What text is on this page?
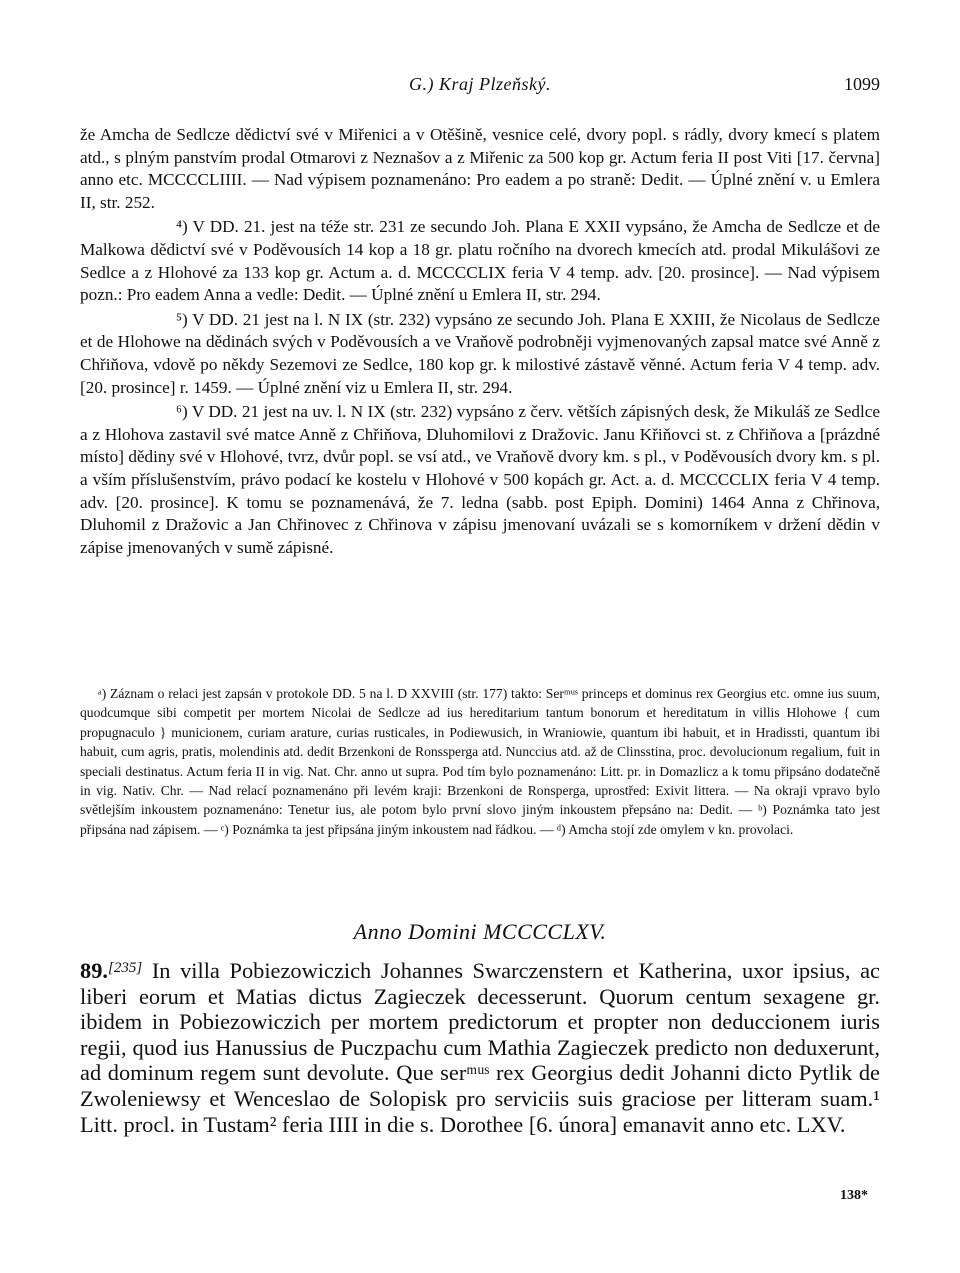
G.) Kraj Plzeňský.	1099

že Amcha de Sedlcze dědictví své v Miřenici a v Otěšině, vesnice celé, dvory popl. s rádly, dvory kmecí s platem atd., s plným panstvím prodal Otmarovi z Neznašov a z Miřenic za 500 kop gr. Actum feria II post Viti [17. června] anno etc. MCCCCLIIII. — Nad výpisem poznamenáno: Pro eadem a po straně: Dedit. — Úplné znění v. u Emlera II, str. 252.

⁴) V DD. 21. jest na téže str. 231 ze secundo Joh. Plana E XXII vypsáno, že Amcha de Sedlcze et de Malkowa dědictví své v Poděvousích 14 kop a 18 gr. platu ročního na dvorech kmecích atd. prodal Mikulášovi ze Sedlce a z Hlohové za 133 kop gr. Actum a. d. MCCCCLIX feria V 4 temp. adv. [20. prosince]. — Nad výpisem pozn.: Pro eadem Anna a vedle: Dedit. — Úplné znění u Emlera II, str. 294.

⁵) V DD. 21 jest na l. N IX (str. 232) vypsáno ze secundo Joh. Plana E XXIII, že Nicolaus de Sedlcze et de Hlohowe na dědinách svých v Poděvousích a ve Vraňově podrobněji vyjmenovaných zapsal matce své Anně z Chřiňova, vdově po někdy Sezemovi ze Sedlce, 180 kop gr. k milostivé zástavě věnné. Actum feria V 4 temp. adv. [20. prosince] r. 1459. — Úplné znění viz u Emlera II, str. 294.

⁶) V DD. 21 jest na uv. l. N IX (str. 232) vypsáno z červ. větších zápisných desk, že Mikuláš ze Sedlce a z Hlohova zastavil své matce Anně z Chřiňova, Dluhomilovi z Dražovic. Janu Křiňovci st. z Chřiňova a [prázdné místo] dědiny své v Hlohové, tvrz, dvůr popl. se vsí atd., ve Vraňově dvory km. s pl., v Poděvousích dvory km. s pl. a vším příslušenstvím, právo podací ke kostelu v Hlohové v 500 kopách gr. Act. a. d. MCCCCLIX feria V 4 temp. adv. [20. prosince]. K tomu se poznamenává, že 7. ledna (sabb. post Epiph. Domini) 1464 Anna z Chřinova, Dluhomil z Dražovic a Jan Chřinovec z Chřinova v zápisu jmenovaní uvázali se s komorníkem v držení dědin v zápise jmenovaných v sumě zápisné.

ᵃ) Záznam o relaci jest zapsán v protokole DD. 5 na l. D XXVIII (str. 177) takto: Serᵐᵘˢ princeps et dominus rex Georgius etc. omne ius suum, quodcumque sibi competit per mortem Nicolai de Sedlcze ad ius hereditarium tantum bonorum et hereditatum in villis Hlohowe { cum propugnaculo } municionem, curiam arature, curias rusticales, in Podiewusich, in Wraniowie, quantum ibi habuit, et in Hradissti, quantum ibi habuit, cum agris, pratis, molendinis atd. dedit Brzenkoni de Ronssperga atd. Nunccius atd. až de Clinsstina, proc. devolucionum regalium, fuit in speciali destinatus. Actum feria II in vig. Nat. Chr. anno ut supra. Pod tím bylo poznamenáno: Litt. pr. in Domazlicz a k tomu připsáno dodatečně in vig. Nativ. Chr. — Nad relací poznamenáno při levém kraji: Brzenkoni de Ronsperga, uprostřed: Exivit littera. — Na okraji vpravo bylo světlejším inkoustem poznamenáno: Tenetur ius, ale potom bylo první slovo jiným inkoustem přepsáno na: Dedit. — ᵇ) Poznámka tato jest připsána nad zápisem. — ᶜ) Poznámka ta jest připsána jiným inkoustem nad řádkou. — ᵈ) Amcha stojí zde omylem v kn. provolaci.

Anno Domini MCCCCLXV.

89.[235] In villa Pobiezowiczich Johannes Swarczenstern et Katherina, uxor ipsius, ac liberi eorum et Matias dictus Zagieczek decesserunt. Quorum centum sexagene gr. ibidem in Pobiezowiczich per mortem predictorum et propter non deduccionem iuris regii, quod ius Hanussius de Puczpachu cum Mathia Zagieczek predicto non deduxerunt, ad dominum regem sunt devolute. Que serᵐᵘˢ rex Georgius dedit Johanni dicto Pytlik de Zwoleniewsy et Wenceslao de Solopisk pro serviciis suis graciose per litteram suam.¹ Litt. procl. in Tustam² feria IIII in die s. Dorothee [6. února] emanavit anno etc. LXV.

138*
